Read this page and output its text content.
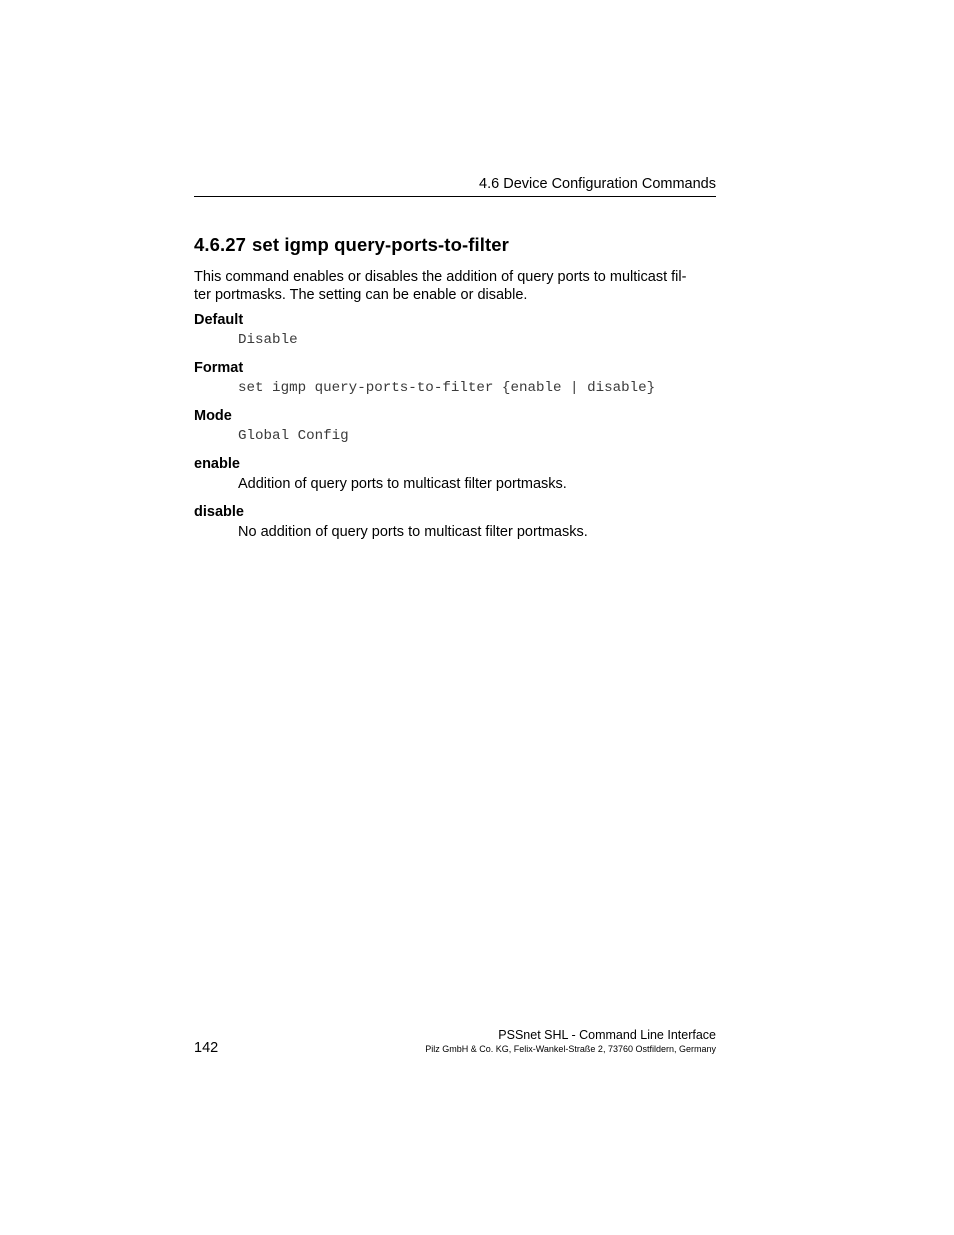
4.6 Device Configuration Commands
4.6.27 set igmp query-ports-to-filter

This command enables or disables the addition of query ports to multicast fil-
ter portmasks. The setting can be enable or disable.

Default
Disable
Format
set igmp query-ports-to-filter {enable | disable}
Mode
Global Config
enable
Addition of query ports to multicast filter portmasks.
disable
No addition of query ports to multicast filter portmasks.
142
PSSnet SHL - Command Line Interface
Pilz GmbH & Co. KG, Felix-Wankel-Straße 2, 73760 Ostfildern, Germany
